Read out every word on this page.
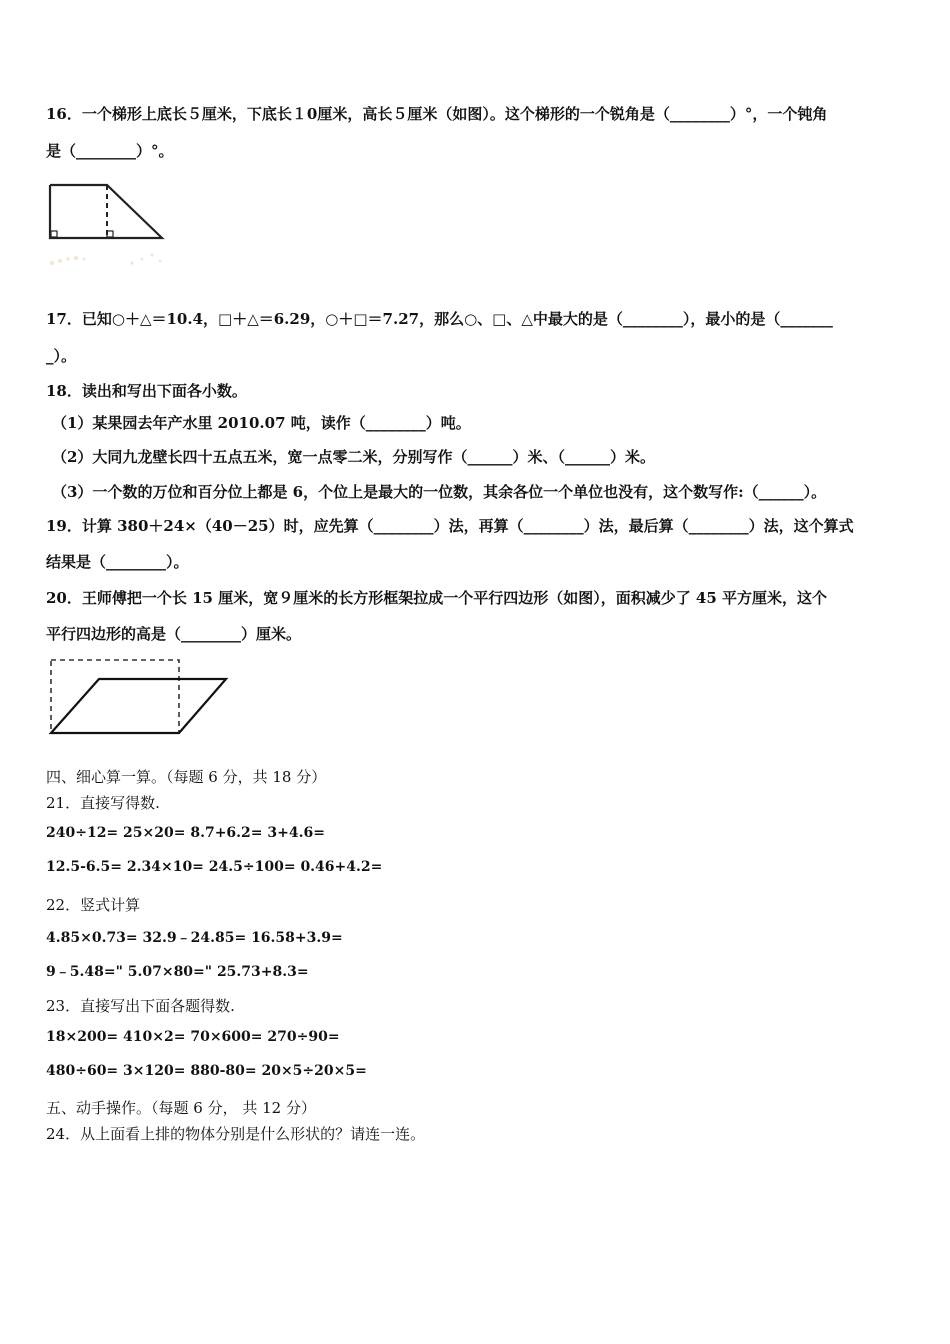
16．一个梯形上底长５厘米，下底长１0厘米，高长５厘米（如图）。这个梯形的一个锐角是（________）°，一个钝角
是（________）°。
17．已知○＋△＝10.4，□＋△＝6.29，○＋□＝7.27，那么○、□、△中最大的是（________），最小的是（_______
_）。
18．读出和写出下面各小数。
（1）某果园去年产水里 2010.07 吨，读作（________）吨。
（2）大同九龙壁长四十五点五米，宽一点零二米，分别写作（______）米、（______）米。
（3）一个数的万位和百分位上都是 6，个位上是最大的一位数，其余各位一个单位也没有，这个数写作:（______）。
19．计算 380＋24×（40－25）时，应先算（________）法，再算（________）法，最后算（________）法，这个算式
结果是（________）。
20．王师傅把一个长 15 厘米，宽９厘米的长方形框架拉成一个平行四边形（如图），面积减少了 45 平方厘米，这个
平行四边形的高是（________）厘米。
四、细心算一算。（每题 6 分，共 18 分）
21．直接写得数.
240÷12= 25×20= 8.7+6.2= 3+4.6=
12.5-6.5= 2.34×10= 24.5÷100= 0.46+4.2=
22．竖式计算
4.85×0.73= 32.9﹣24.85= 16.58+3.9=
9﹣5.48=" 5.07×80=" 25.73+8.3=
23．直接写出下面各题得数.
18×200= 410×2= 70×600= 270÷90=
480÷60= 3×120= 880-80= 20×5÷20×5=
五、动手操作。（每题 6 分， 共 12 分）
24．从上面看上排的物体分别是什么形状的？请连一连。
